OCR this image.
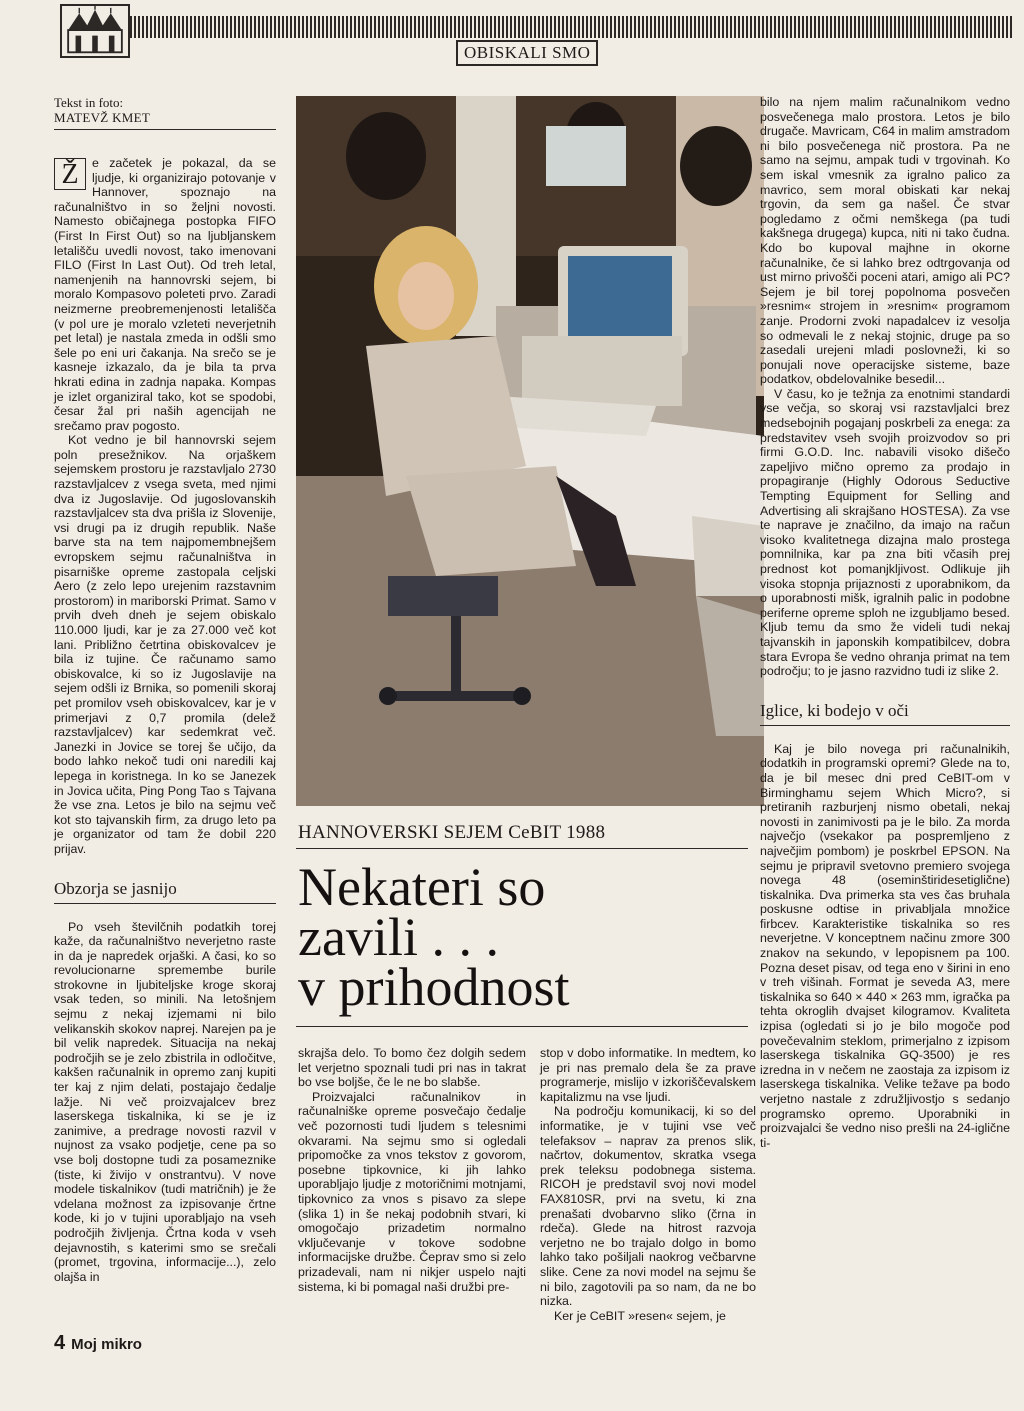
OBISKALI SMO
Tekst in foto:
MATEVŽ KMET

Ž	e začetek je pokazal, da se ljudje, ki organizirajo potovanje v Hannover, spoznajo na računalništvo in so željni novosti. Namesto običajnega postopka FIFO (First In First Out) so na ljubljanskem letališču uvedli novost, tako imenovani FILO (First In Last Out). Od treh letal, namenjenih na hannovrski sejem, bi moralo Kompasovo poleteti prvo. Zaradi neizmerne preobremenjenosti letališča (v pol ure je moralo vzleteti neverjetnih pet letal) je nastala zmeda in odšli smo šele po eni uri čakanja. Na srečo se je kasneje izkazalo, da je bila ta prva hkrati edina in zadnja napaka. Kompas je izlet organiziral tako, kot se spodobi, česar žal pri naših agencijah ne srečamo prav pogosto.

Kot vedno je bil hannovrski sejem poln presežnikov. Na orjaškem sejemskem prostoru je razstavljalo 2730 razstavljalcev z vsega sveta, med njimi dva iz Jugoslavije. Od jugoslovanskih razstavljalcev sta dva prišla iz Slovenije, vsi drugi pa iz drugih republik. Naše barve sta na tem najpomembnejšem evropskem sejmu računalništva in pisarniške opreme zastopala celjski Aero (z zelo lepo urejenim razstavnim prostorom) in mariborski Primat. Samo v prvih dveh dneh je sejem obiskalo 110.000 ljudi, kar je za 27.000 več kot lani. Približno četrtina obiskovalcev je bila iz tujine. Če računamo samo obiskovalce, ki so iz Jugoslavije na sejem odšli iz Brnika, so pomenili skoraj pet promilov vseh obiskovalcev, kar je v primerjavi z 0,7 promila (delež razstavljalcev) kar sedemkrat več. Janezki in Jovice se torej še učijo, da bodo lahko nekoč tudi oni naredili kaj lepega in koristnega. In ko se Janezek in Jovica učita, Ping Pong Tao s Tajvana že vse zna. Letos je bilo na sejmu več kot sto tajvanskih firm, za drugo leto pa je organizator od tam že dobil 220 prijav.

Obzorja se jasnijo

Po vseh številčnih podatkih torej kaže, da računalništvo neverjetno raste in da je napredek orjaški. A časi, ko so revolucionarne spremembe burile strokovne in ljubiteljske kroge skoraj vsak teden, so minili. Na letošnjem sejmu z nekaj izjemami ni bilo velikanskih skokov naprej. Narejen pa je bil velik napredek. Situacija na nekaj področjih se je zelo zbistrila in odločitve, kakšen računalnik in opremo zanj kupiti ter kaj z njim delati, postajajo čedalje lažje. Ni več proizvajalcev brez laserskega tiskalnika, ki se je iz zanimive, a predrage novosti razvil v nujnost za vsako podjetje, cene pa so vse bolj dostopne tudi za posameznike (tiste, ki živijo v onstrantvu). V nove modele tiskalnikov (tudi matričnih) je že vdelana možnost za izpisovanje črtne kode, ki jo v tujini uporabljajo na vseh področjih življenja. Črtna koda v vseh dejavnostih, s katerimi smo se srečali (promet, trgovina, informacije...), zelo olajša in

HANNOVERSKI SEJEM CeBIT 1988
Nekateri so
zavili . . .
v prihodnost

skrajša delo. To bomo čez dolgih sedem let verjetno spoznali tudi pri nas in takrat bo vse boljše, če le ne bo slabše.

Proizvajalci računalnikov in računalniške opreme posvečajo čedalje več pozornosti tudi ljudem s telesnimi okvarami. Na sejmu smo si ogledali pripomočke za vnos tekstov z govorom, posebne tipkovnice, ki jih lahko uporabljajo ljudje z motoričnimi motnjami, tipkovnico za vnos s pisavo za slepe (slika 1) in še nekaj podobnih stvari, ki omogočajo prizadetim normalno vključevanje v tokove sodobne informacijske družbe. Čeprav smo si zelo prizadevali, nam ni nikjer uspelo najti sistema, ki bi pomagal naši družbi pre-

stop v dobo informatike. In medtem, ko je pri nas premalo dela še za prave programerje, mislijo v izkoriščevalskem kapitalizmu na vse ljudi.

Na področju komunikacij, ki so del informatike, je v tujini vse več telefaksov – naprav za prenos slik, načrtov, dokumentov, skratka vsega prek teleksu podobnega sistema. RICOH je predstavil svoj novi model FAX810SR, prvi na svetu, ki zna prenašati dvobarvno sliko (črna in rdeča). Glede na hitrost razvoja verjetno ne bo trajalo dolgo in bomo lahko tako pošiljali naokrog večbarvne slike. Cene za novi model na sejmu še ni bilo, zagotovili pa so nam, da ne bo nizka.

Ker je CeBIT »resen« sejem, je

bilo na njem malim računalnikom vedno posvečenega malo prostora. Letos je bilo drugače. Mavricam, C64 in malim amstradom ni bilo posvečenega nič prostora. Pa ne samo na sejmu, ampak tudi v trgovinah. Ko sem iskal vmesnik za igralno palico za mavrico, sem moral obiskati kar nekaj trgovin, da sem ga našel. Če stvar pogledamo z očmi nemškega (pa tudi kakšnega drugega) kupca, niti ni tako čudna. Kdo bo kupoval majhne in okorne računalnike, če si lahko brez odtrgovanja od ust mirno privošči poceni atari, amigo ali PC? Sejem je bil torej popolnoma posvečen »resnim« strojem in »resnim« programom zanje. Prodorni zvoki napadalcev iz vesolja so odmevali le z nekaj stojnic, druge pa so zasedali urejeni mladi poslovneži, ki so ponujali nove operacijske sisteme, baze podatkov, obdelovalnike besedil...

V času, ko je težnja za enotnimi standardi vse večja, so skoraj vsi razstavljalci brez medsebojnih pogajanj poskrbeli za enega: za predstavitev vseh svojih proizvodov so pri firmi G.O.D. Inc. nabavili visoko dišečo zapeljivo mično opremo za prodajo in propagiranje (Highly Odorous Seductive Tempting Equipment for Selling and Advertising ali skrajšano HOSTESA). Za vse te naprave je značilno, da imajo na račun visoko kvalitetnega dizajna malo prostega pomnilnika, kar pa zna biti včasih prej prednost kot pomanjkljivost. Odlikuje jih visoka stopnja prijaznosti z uporabnikom, da o uporabnosti mišk, igralnih palic in podobne periferne opreme sploh ne izgubljamo besed. Kljub temu da smo že videli tudi nekaj tajvanskih in japonskih kompatibilcev, dobra stara Evropa še vedno ohranja primat na tem področju; to je jasno razvidno tudi iz slike 2.

Iglice, ki bodejo v oči

Kaj je bilo novega pri računalnikih, dodatkih in programski opremi? Glede na to, da je bil mesec dni pred CeBIT-om v Birminghamu sejem Which Micro?, si pretiranih razburjenj nismo obetali, nekaj novosti in zanimivosti pa je le bilo. Za mordа največjo (vsekakor pa pospremljeno z največjim pombom) je poskrbel EPSON. Na sejmu je pripravil svetovno premiero svojega novega 48 (oseminštiridesetiglične) tiskalnika. Dva primerka sta ves čas bruhala poskusne odtise in privabljala množice firbcev. Karakteristike tiskalnika so res neverjetne. V konceptnem načinu zmore 300 znakov na sekundo, v lepopisnem pa 100. Pozna deset pisav, od tega eno v širini in eno v treh višinah. Format je seveda A3, mere tiskalnika so 640 × 440 × 263 mm, igračka pa tehta okroglih dvajset kilogramov. Kvaliteta izpisa (ogledati si jo je bilo mogoče pod povečevalnim steklom, primerjalno z izpisom laserskega tiskalnika GQ-3500) je res izredna in v nečem ne zaostaja za izpisom iz laserskega tiskalnika. Velike težave pa bodo verjetno nastale z združljivostjo s sedanjo programsko opremo. Uporabniki in proizvajalci še vedno niso prešli na 24-iglične ti-

4 Moj mikro
